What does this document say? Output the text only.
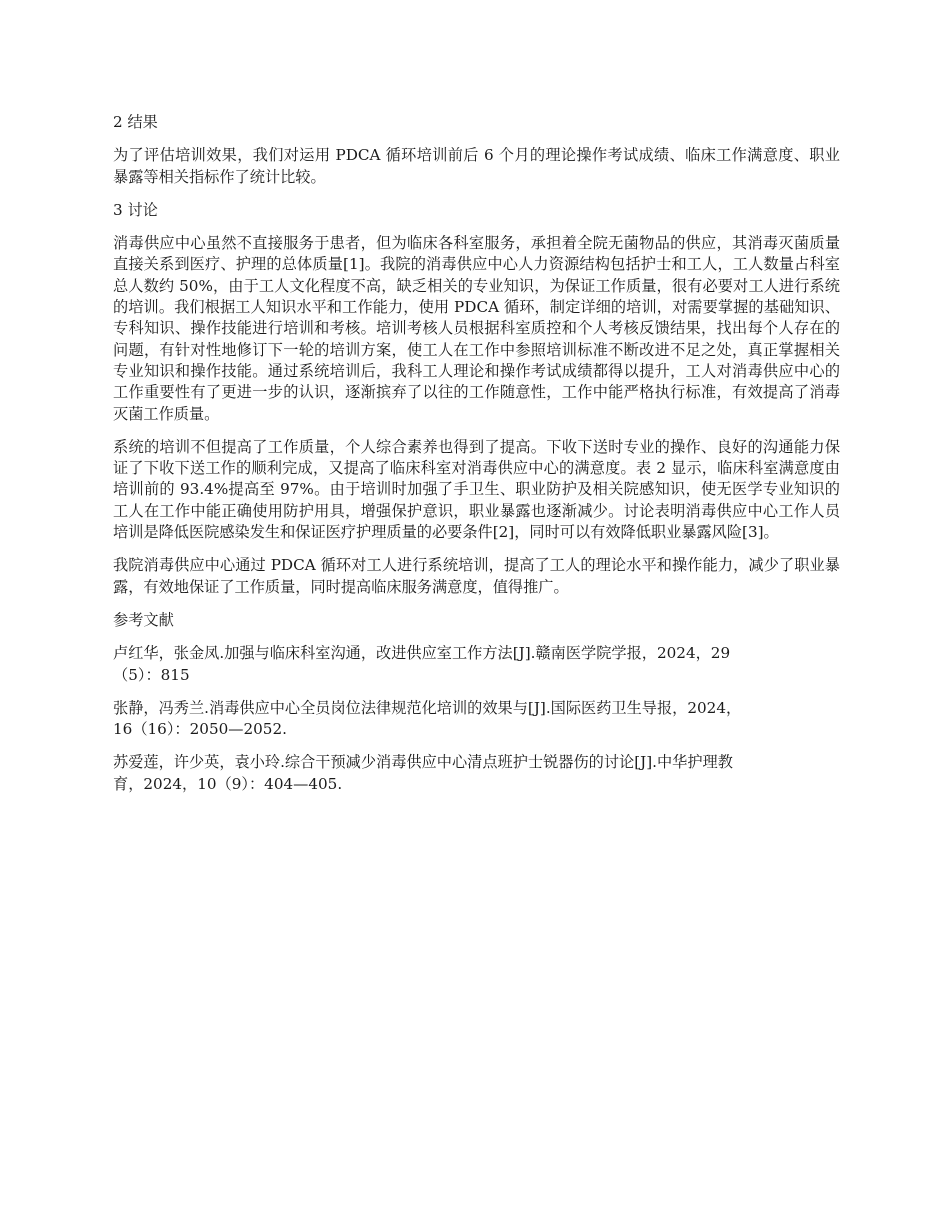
2 结果

为了评估培训效果，我们对运用 PDCA 循环培训前后 6 个月的理论操作考试成绩、临床工作满意度、职业暴露等相关指标作了统计比较。

3 讨论

消毒供应中心虽然不直接服务于患者，但为临床各科室服务，承担着全院无菌物品的供应，其消毒灭菌质量直接关系到医疗、护理的总体质量[1]。我院的消毒供应中心人力资源结构包括护士和工人，工人数量占科室总人数约 50%，由于工人文化程度不高，缺乏相关的专业知识，为保证工作质量，很有必要对工人进行系统的培训。我们根据工人知识水平和工作能力，使用 PDCA 循环，制定详细的培训，对需要掌握的基础知识、专科知识、操作技能进行培训和考核。培训考核人员根据科室质控和个人考核反馈结果，找出每个人存在的问题，有针对性地修订下一轮的培训方案，使工人在工作中参照培训标准不断改进不足之处，真正掌握相关专业知识和操作技能。通过系统培训后，我科工人理论和操作考试成绩都得以提升，工人对消毒供应中心的工作重要性有了更进一步的认识，逐渐摈弃了以往的工作随意性，工作中能严格执行标准，有效提高了消毒灭菌工作质量。

系统的培训不但提高了工作质量，个人综合素养也得到了提高。下收下送时专业的操作、良好的沟通能力保证了下收下送工作的顺利完成，又提高了临床科室对消毒供应中心的满意度。表 2 显示，临床科室满意度由培训前的 93.4%提高至 97%。由于培训时加强了手卫生、职业防护及相关院感知识，使无医学专业知识的工人在工作中能正确使用防护用具，增强保护意识，职业暴露也逐渐减少。讨论表明消毒供应中心工作人员培训是降低医院感染发生和保证医疗护理质量的必要条件[2]，同时可以有效降低职业暴露风险[3]。

我院消毒供应中心通过 PDCA 循环对工人进行系统培训，提高了工人的理论水平和操作能力，减少了职业暴露，有效地保证了工作质量，同时提高临床服务满意度，值得推广。

参考文献
卢红华，张金凤.加强与临床科室沟通，改进供应室工作方法[J].赣南医学院学报，2024，29（5）：815
张静，冯秀兰.消毒供应中心全员岗位法律规范化培训的效果与[J].国际医药卫生导报，2024，16（16）：2050—2052.
苏爱莲，许少英，袁小玲.综合干预减少消毒供应中心清点班护士锐器伤的讨论[J].中华护理教育，2024，10（9）：404—405.
